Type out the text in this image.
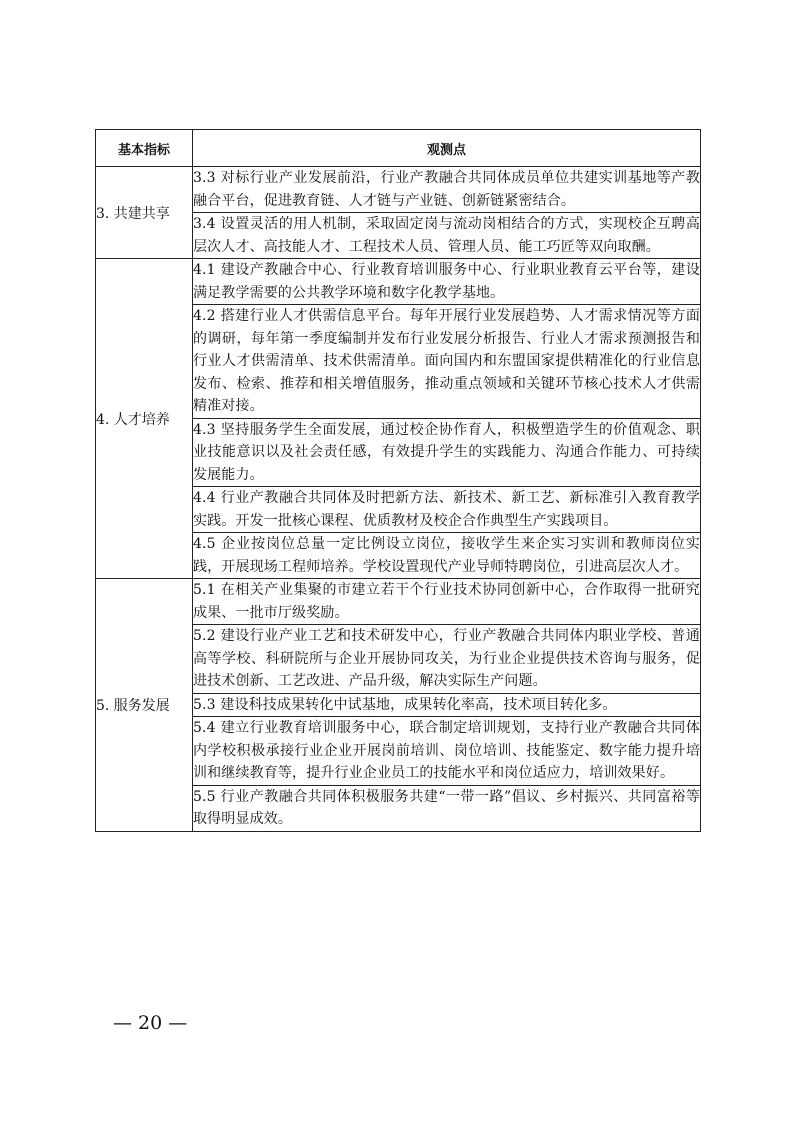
基本指标	观测点
3. 共建共享	3.3 对标行业产业发展前沿，行业产教融合共同体成员单位共建实训基地等产教融合平台，促进教育链、人才链与产业链、创新链紧密结合。
	3.4 设置灵活的用人机制，采取固定岗与流动岗相结合的方式，实现校企互聘高层次人才、高技能人才、工程技术人员、管理人员、能工巧匠等双向取酬。
4. 人才培养	4.1 建设产教融合中心、行业教育培训服务中心、行业职业教育云平台等，建设满足教学需要的公共教学环境和数字化教学基地。
	4.2 搭建行业人才供需信息平台。每年开展行业发展趋势、人才需求情况等方面的调研，每年第一季度编制并发布行业发展分析报告、行业人才需求预测报告和行业人才供需清单、技术供需清单。面向国内和东盟国家提供精准化的行业信息发布、检索、推荐和相关增值服务，推动重点领域和关键环节核心技术人才供需精准对接。
	4.3 坚持服务学生全面发展，通过校企协作育人，积极塑造学生的价值观念、职业技能意识以及社会责任感，有效提升学生的实践能力、沟通合作能力、可持续发展能力。
	4.4 行业产教融合共同体及时把新方法、新技术、新工艺、新标准引入教育教学实践。开发一批核心课程、优质教材及校企合作典型生产实践项目。
	4.5 企业按岗位总量一定比例设立岗位，接收学生来企实习实训和教师岗位实践，开展现场工程师培养。学校设置现代产业导师特聘岗位，引进高层次人才。
5. 服务发展	5.1 在相关产业集聚的市建立若干个行业技术协同创新中心，合作取得一批研究成果、一批市厅级奖励。
	5.2 建设行业产业工艺和技术研发中心，行业产教融合共同体内职业学校、普通高等学校、科研院所与企业开展协同攻关，为行业企业提供技术咨询与服务，促进技术创新、工艺改进、产品升级，解决实际生产问题。
	5.3 建设科技成果转化中试基地，成果转化率高，技术项目转化多。
	5.4 建立行业教育培训服务中心，联合制定培训规划，支持行业产教融合共同体内学校积极承接行业企业开展岗前培训、岗位培训、技能鉴定、数字能力提升培训和继续教育等，提升行业企业员工的技能水平和岗位适应力，培训效果好。
	5.5 行业产教融合共同体积极服务共建“一带一路”倡议、乡村振兴、共同富裕等取得明显成效。
— 20 —
